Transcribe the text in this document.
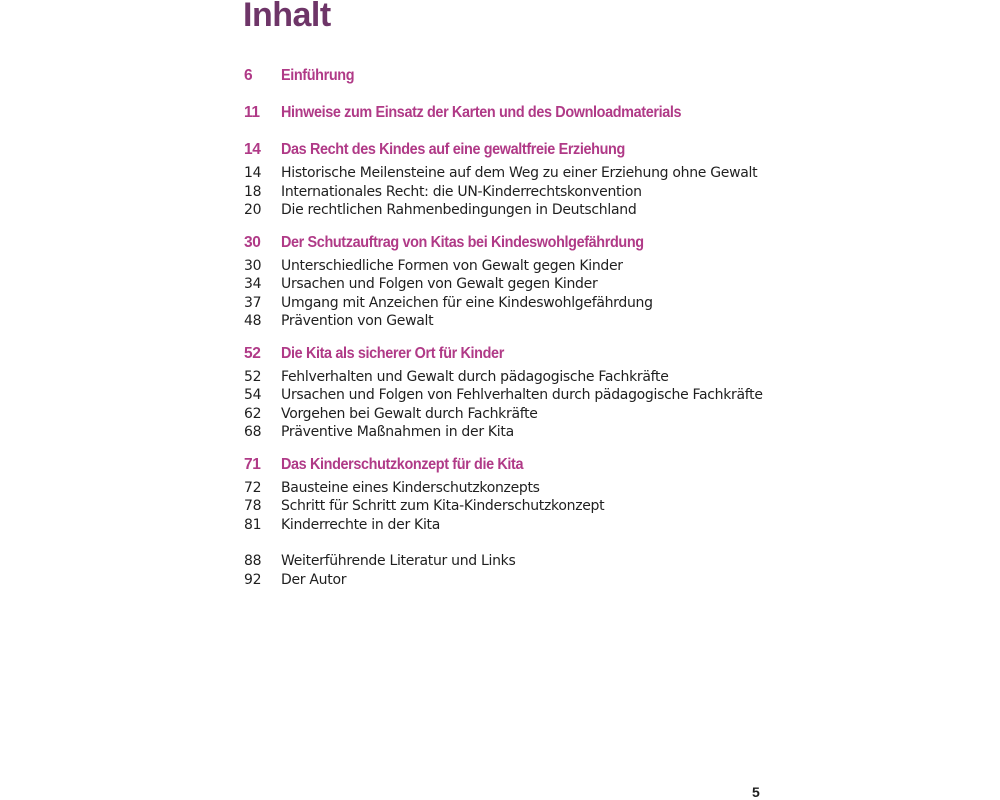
Inhalt
6	Einführung
11	Hinweise zum Einsatz der Karten und des Downloadmaterials
14	Das Recht des Kindes auf eine gewaltfreie Erziehung
14	Historische Meilensteine auf dem Weg zu einer Erziehung ohne Gewalt
18	Internationales Recht: die UN-Kinderrechtskonvention
20	Die rechtlichen Rahmenbedingungen in Deutschland
30	Der Schutzauftrag von Kitas bei Kindeswohlgefährdung
30	Unterschiedliche Formen von Gewalt gegen Kinder
34	Ursachen und Folgen von Gewalt gegen Kinder
37	Umgang mit Anzeichen für eine Kindeswohlgefährdung
48	Prävention von Gewalt
52	Die Kita als sicherer Ort für Kinder
52	Fehlverhalten und Gewalt durch pädagogische Fachkräfte
54	Ursachen und Folgen von Fehlverhalten durch pädagogische Fachkräfte
62	Vorgehen bei Gewalt durch Fachkräfte
68	Präventive Maßnahmen in der Kita
71	Das Kinderschutzkonzept für die Kita
72	Bausteine eines Kinderschutzkonzepts
78	Schritt für Schritt zum Kita-Kinderschutzkonzept
81	Kinderrechte in der Kita
88	Weiterführende Literatur und Links
92	Der Autor
5
